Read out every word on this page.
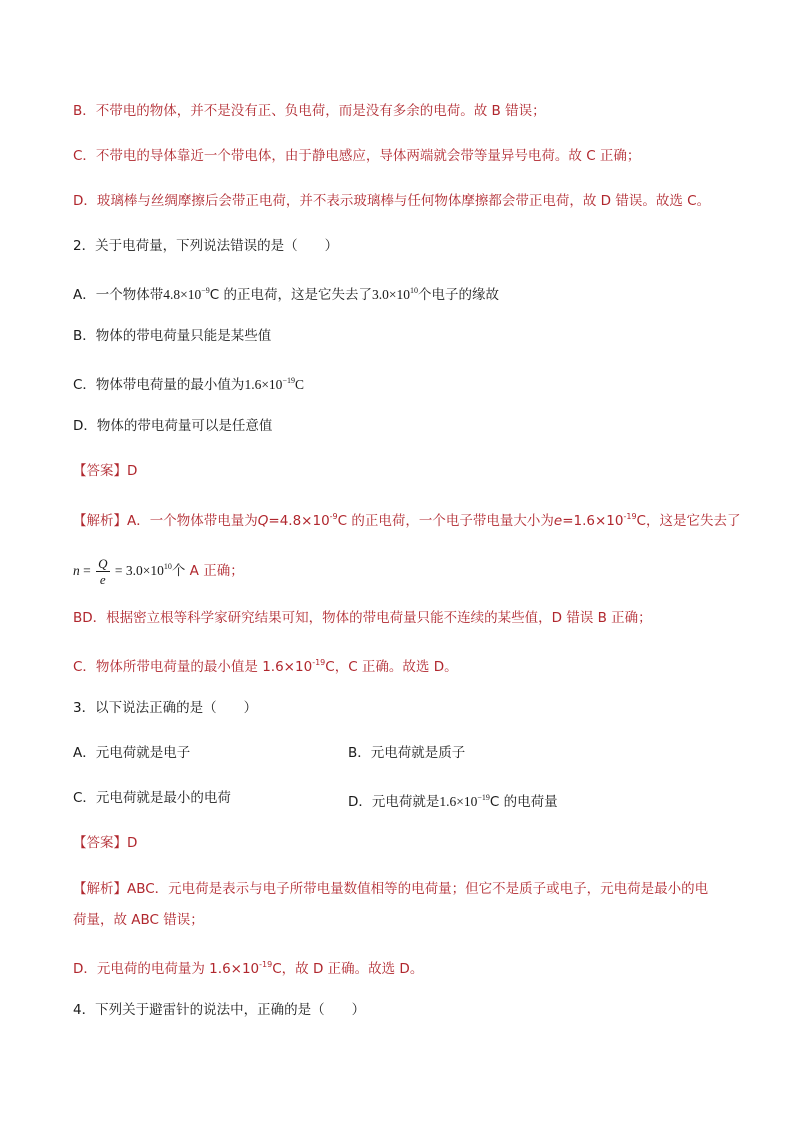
B．不带电的物体，并不是没有正、负电荷，而是没有多余的电荷。故 B 错误；
C．不带电的导体靠近一个带电体，由于静电感应，导体两端就会带等量异号电荷。故 C 正确；
D．玻璃棒与丝绸摩擦后会带正电荷，并不表示玻璃棒与任何物体摩擦都会带正电荷，故 D 错误。故选 C。
2．关于电荷量，下列说法错误的是（　　）
A．一个物体带$4.8\times 10^{-9}C$ 的正电荷，这是它失去了$3.0\times 10^{10}$个电子的缘故
B．物体的带电荷量只能是某些值
C．物体带电荷量的最小值为$1.6\times 10^{-19}C$
D．物体的带电荷量可以是任意值
【答案】D
【解析】A．一个物体带电量为$Q=4.8\times 10^{-9}C$ 的正电荷，一个电子带电量大小为$e=1.6\times 10^{-19}C$，这是它失去了
$n = \frac{Q}{e} = 3.0\times 10^{10}$个 A 正确；
BD．根据密立根等科学家研究结果可知，物体的带电荷量只能不连续的某些值，D 错误 B 正确；
C．物体所带电荷量的最小值是 $1.6\times 10^{-19}C$，C 正确。故选 D。
3．以下说法正确的是（　　）
A．元电荷就是电子	B．元电荷就是质子
C．元电荷就是最小的电荷	D．元电荷就是$1.6\times 10^{-19}C$ 的电荷量
【答案】D
【解析】ABC．元电荷是表示与电子所带电量数值相等的电荷量；但它不是质子或电子，元电荷是最小的电
荷量，故 ABC 错误；
D．元电荷的电荷量为 $1.6\times 10^{-19}C$，故 D 正确。故选 D。
4．下列关于避雷针的说法中，正确的是（　　）
